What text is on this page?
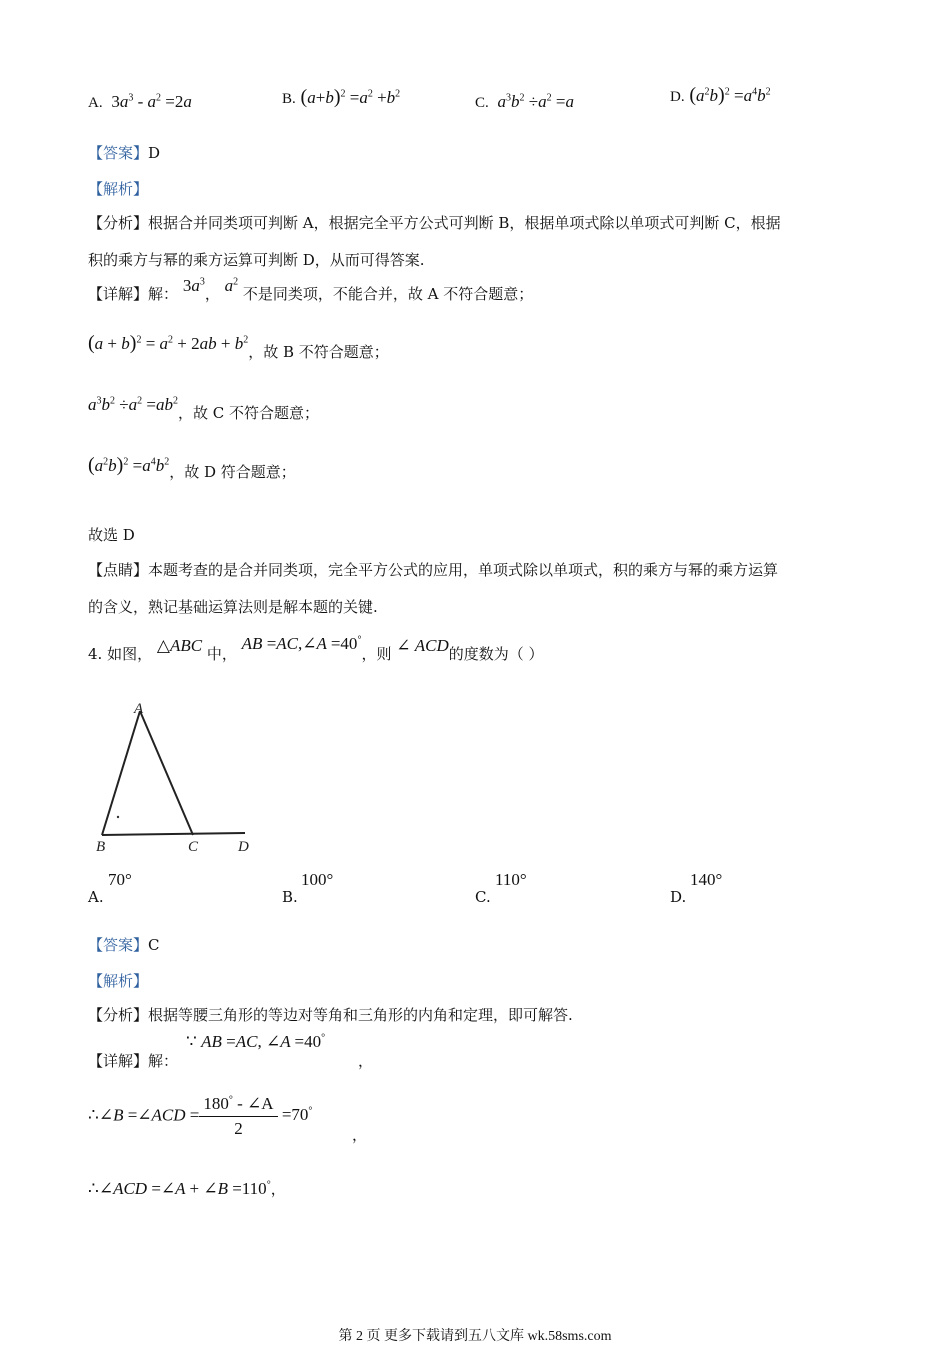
A. $3a^3 - a^2 =2a$	B. $(a+b)^2 =a^2 +b^2$
C. $a^3b^2 \div a^2 =a$	D. $(a^2b)^2 =a^4b^2$
【答案】D
【解析】
【分析】根据合并同类项可判断 A，根据完全平方公式可判断 B，根据单项式除以单项式可判断 C，根据
积的乘方与幂的乘方运算可判断 D，从而可得答案.
【详解】解： $3a^3$， $a^2$ 不是同类项，不能合并，故 A 不符合题意；
$(a + b)^2 = a^2 + 2ab + b^2$，故 B 不符合题意；
$a^3b^2 \div a^2 =ab^2$，故 C 不符合题意；
$(a^2b)^2 =a^4b^2$，故 D 符合题意；
故选 D
【点睛】本题考查的是合并同类项，完全平方公式的应用，单项式除以单项式，积的乘方与幂的乘方运算
的含义，熟记基础运算法则是解本题的关键.
4. 如图， △ABC 中， AB =AC,∠A =40°，则 ∠ ACD的度数为（ ）
A
B	C	D
A.
70°
B.
100°
C.
110°
D.
140°
【答案】C
【解析】
【分析】根据等腰三角形的等边对等角和三角形的内角和定理，即可解答.
【详解】解：
∵ AB =AC, ∠A =40°
，
∴∠B =∠ACD = $\frac{180^\circ - \angle A}{2} =70^\circ$
，
∴∠ACD =∠A + ∠B =110°，
第 2 页 更多下载请到五八文库 wk.58sms.com
